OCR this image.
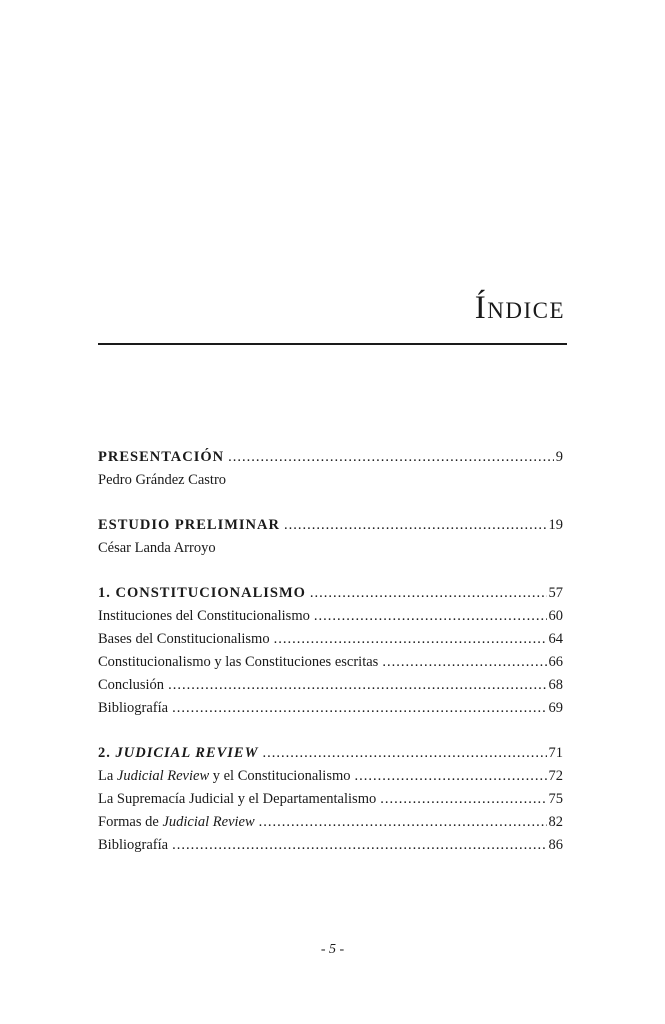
Índice
PRESENTACIÓN .....	9
Pedro Grández Castro
ESTUDIO PRELIMINAR .....	19
César Landa Arroyo
1. CONSTITUCIONALISMO .....	57
Instituciones del Constitucionalismo .....	60
Bases del Constitucionalismo .....	64
Constitucionalismo y las Constituciones escritas .....	66
Conclusión .....	68
Bibliografía .....	69
2. JUDICIAL REVIEW .....	71
La Judicial Review y el Constitucionalismo .....	72
La Supremacía Judicial y el Departamentalismo .....	75
Formas de Judicial Review .....	82
Bibliografía .....	86
- 5 -
